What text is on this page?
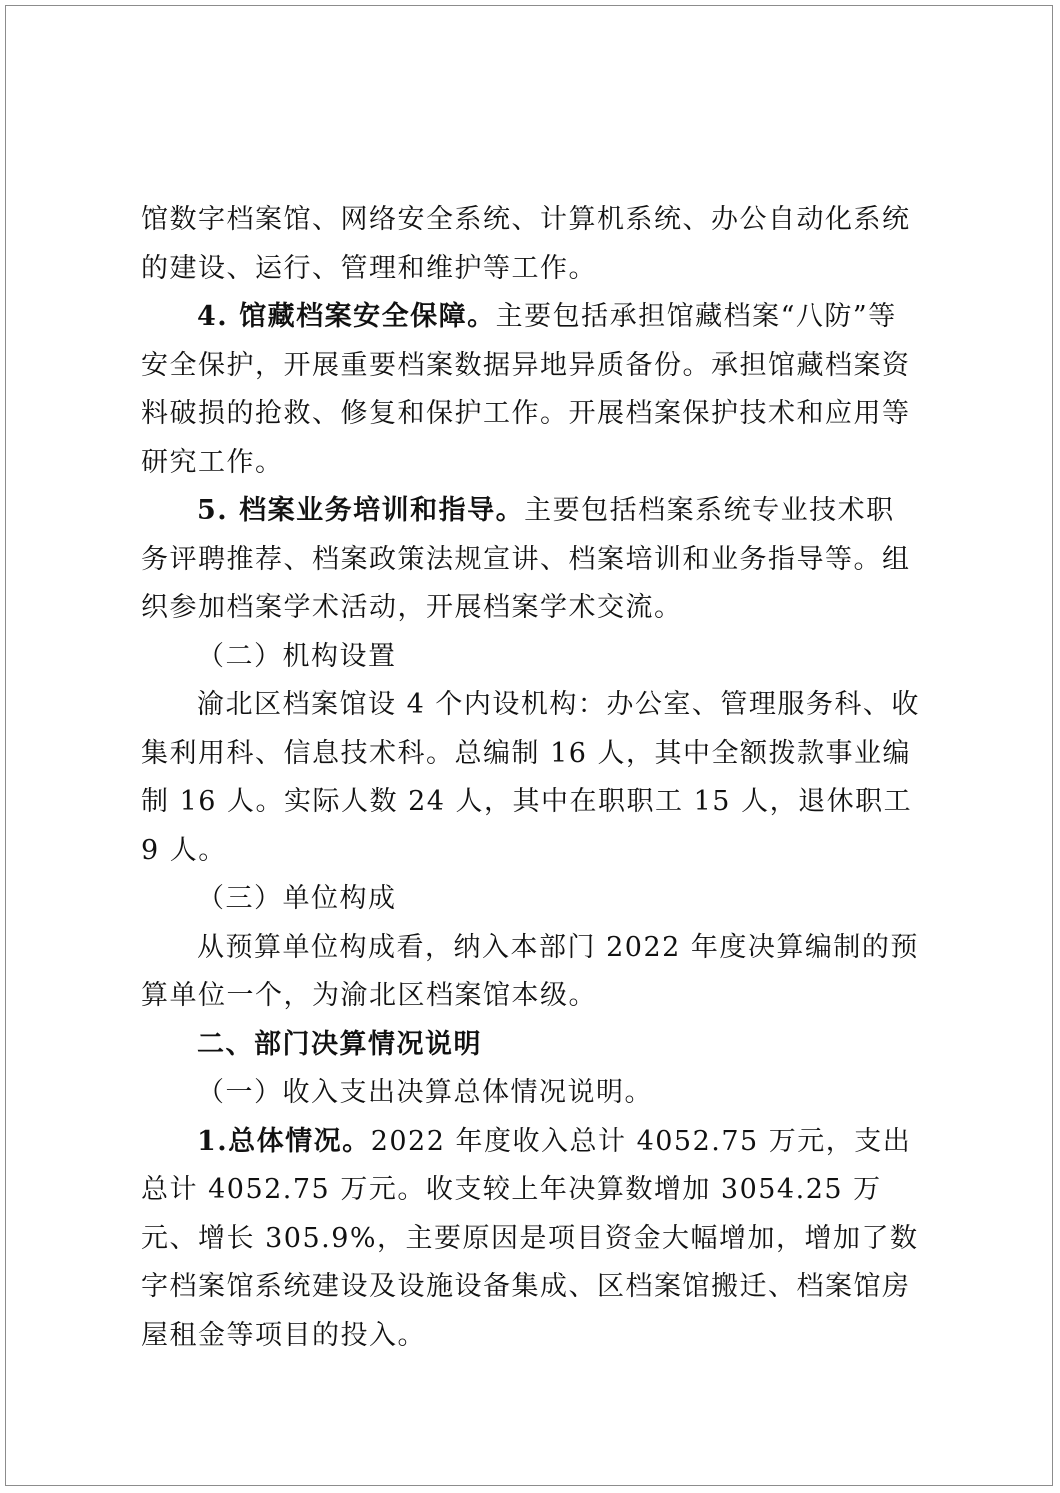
馆数字档案馆、网络安全系统、计算机系统、办公自动化系统的建设、运行、管理和维护等工作。

4. 馆藏档案安全保障。主要包括承担馆藏档案“八防”等安全保护，开展重要档案数据异地异质备份。承担馆藏档案资料破损的抢救、修复和保护工作。开展档案保护技术和应用等研究工作。

5. 档案业务培训和指导。主要包括档案系统专业技术职务评聘推荐、档案政策法规宣讲、档案培训和业务指导等。组织参加档案学术活动，开展档案学术交流。

（二）机构设置

渝北区档案馆设 4 个内设机构：办公室、管理服务科、收集利用科、信息技术科。总编制 16 人，其中全额拨款事业编制 16 人。实际人数 24 人，其中在职职工 15 人，退休职工 9 人。

（三）单位构成

从预算单位构成看，纳入本部门 2022 年度决算编制的预算单位一个，为渝北区档案馆本级。

二、部门决算情况说明

（一）收入支出决算总体情况说明。

1.总体情况。2022 年度收入总计 4052.75 万元，支出总计 4052.75 万元。收支较上年决算数增加 3054.25 万元、增长 305.9%，主要原因是项目资金大幅增加，增加了数字档案馆系统建设及设施设备集成、区档案馆搬迁、档案馆房屋租金等项目的投入。
